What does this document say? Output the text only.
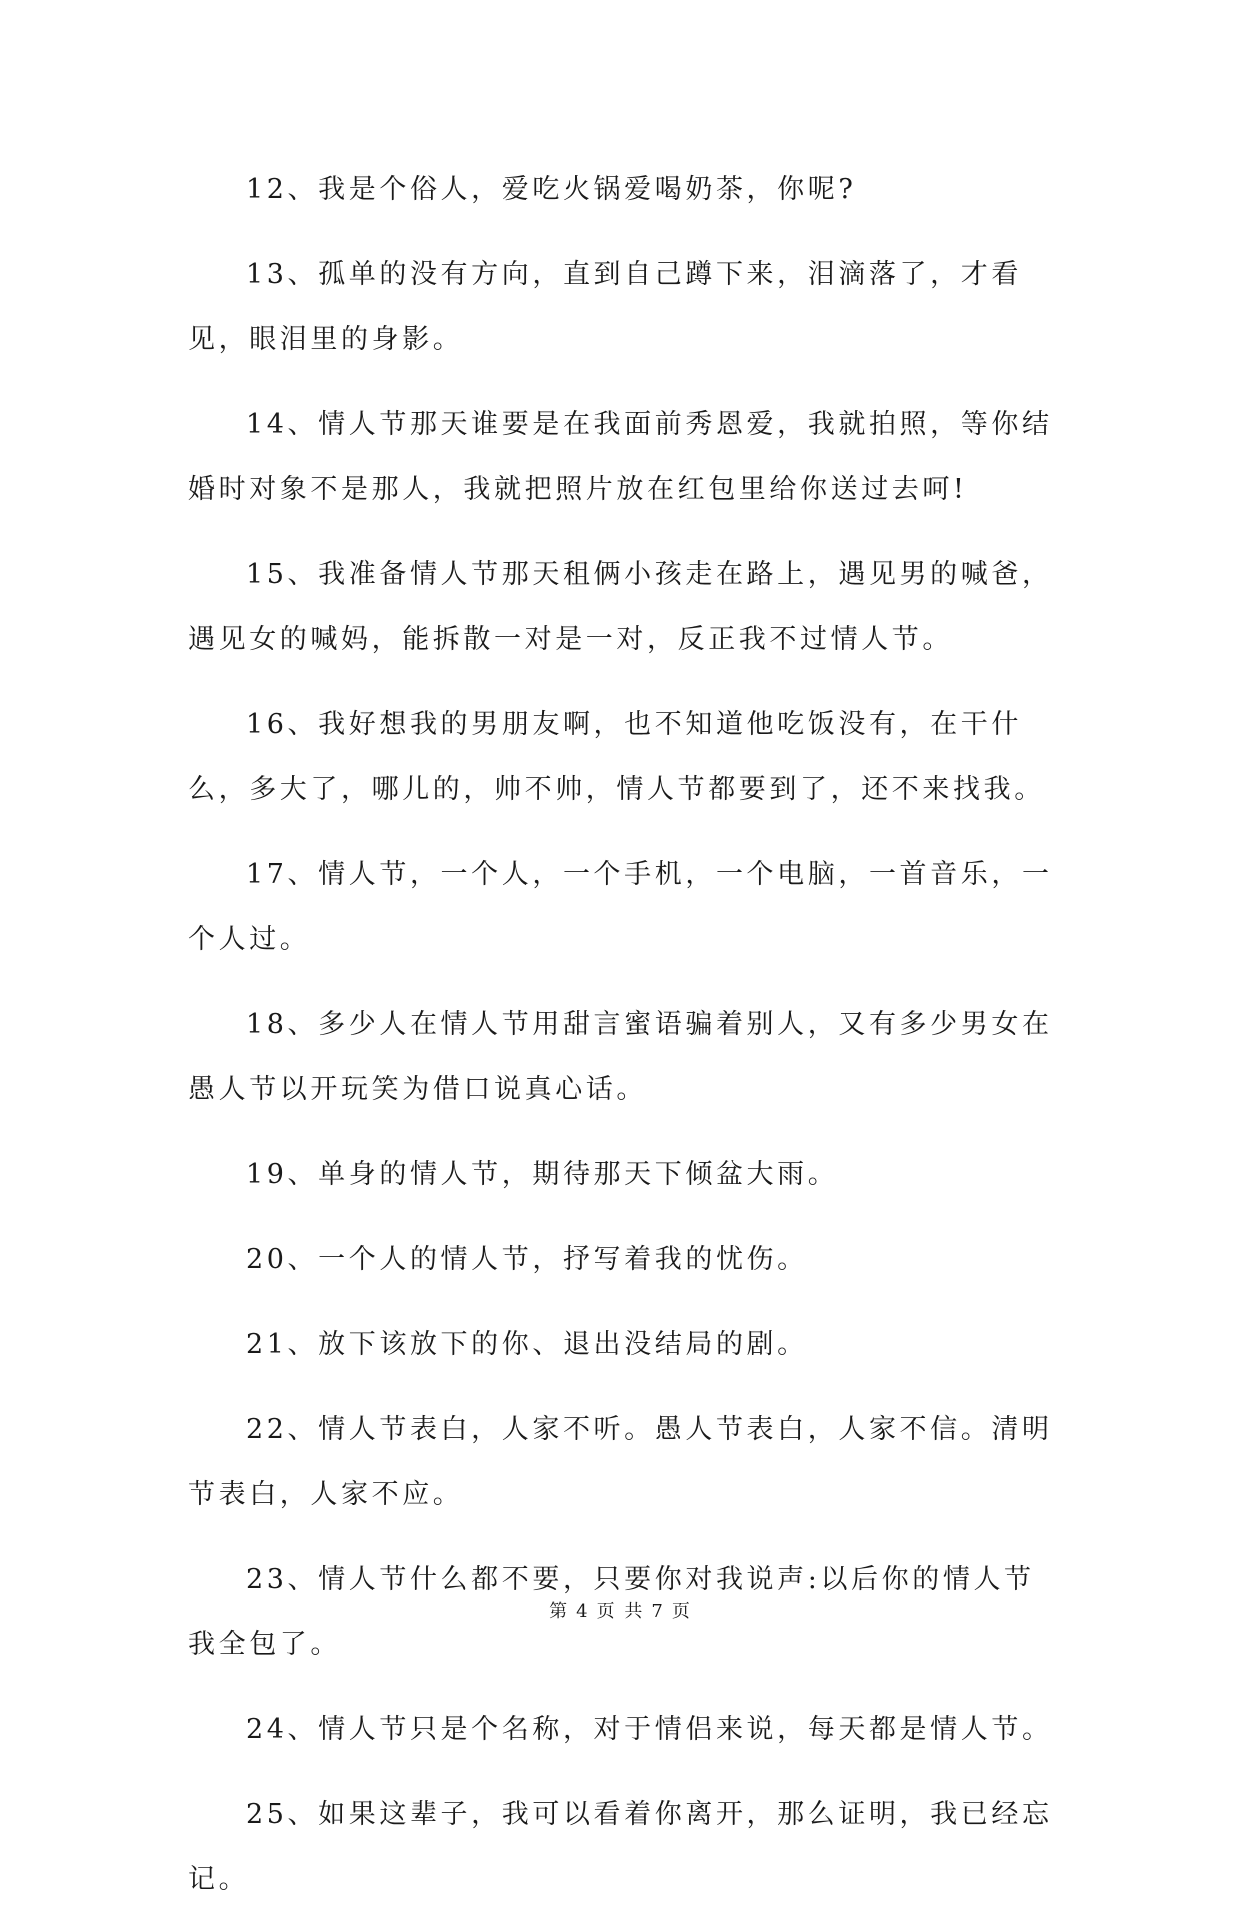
12、我是个俗人，爱吃火锅爱喝奶茶，你呢?

13、孤单的没有方向，直到自己蹲下来，泪滴落了，才看见，眼泪里的身影。

14、情人节那天谁要是在我面前秀恩爱，我就拍照，等你结婚时对象不是那人，我就把照片放在红包里给你送过去呵!

15、我准备情人节那天租俩小孩走在路上，遇见男的喊爸，遇见女的喊妈，能拆散一对是一对，反正我不过情人节。

16、我好想我的男朋友啊，也不知道他吃饭没有，在干什么，多大了，哪儿的，帅不帅，情人节都要到了，还不来找我。

17、情人节，一个人，一个手机，一个电脑，一首音乐，一个人过。

18、多少人在情人节用甜言蜜语骗着别人，又有多少男女在愚人节以开玩笑为借口说真心话。

19、单身的情人节，期待那天下倾盆大雨。

20、一个人的情人节，抒写着我的忧伤。

21、放下该放下的你、退出没结局的剧。

22、情人节表白，人家不听。愚人节表白，人家不信。清明节表白，人家不应。

23、情人节什么都不要，只要你对我说声:以后你的情人节我全包了。

24、情人节只是个名称，对于情侣来说，每天都是情人节。

25、如果这辈子，我可以看着你离开，那么证明，我已经忘记。

第 4 页 共 7 页
